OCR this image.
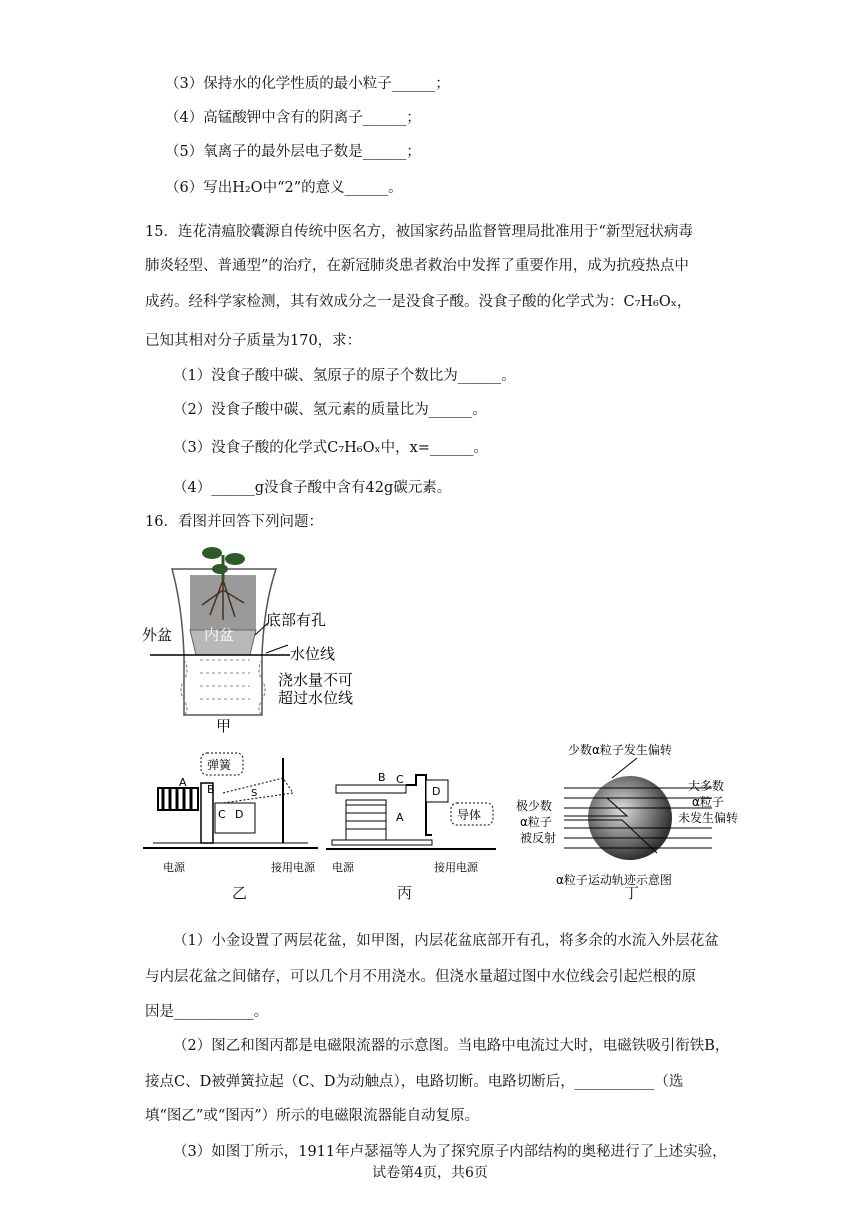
（3）保持水的化学性质的最小粒子______；
（4）高锰酸钾中含有的阴离子______；
（5）氧离子的最外层电子数是______；
（6）写出H₂O中“2”的意义______。
15．连花清瘟胶囊源自传统中医名方，被国家药品监督管理局批准用于“新型冠状病毒
肺炎轻型、普通型”的治疗，在新冠肺炎患者救治中发挥了重要作用，成为抗疫热点中
成药。经科学家检测，其有效成分之一是没食子酸。没食子酸的化学式为：C₇H₆Oₓ，
已知其相对分子质量为170，求：
（1）没食子酸中碳、氢原子的原子个数比为______。
（2）没食子酸中碳、氢元素的质量比为______。
（3）没食子酸的化学式C₇H₆Oₓ中，x=______。
（4）______g没食子酸中含有42g碳元素。
16．看图并回答下列问题：
外盆 内盆
底部有孔
水位线
浇水量不可
超过水位线
甲
弹簧
A
B
C D
S
电源	接用电源
乙
B C
D
A	导体
电源	接用电源
丙
少数α粒子发生偏转
大多数
α粒子
未发生偏转
极少数
α粒子
被反射
α粒子运动轨迹示意图
丁
（1）小金设置了两层花盆，如甲图，内层花盆底部开有孔，将多余的水流入外层花盆
与内层花盆之间储存，可以几个月不用浇水。但浇水量超过图中水位线会引起烂根的原
因是___________。
（2）图乙和图丙都是电磁限流器的示意图。当电路中电流过大时，电磁铁吸引衔铁B，
接点C、D被弹簧拉起（C、D为动触点），电路切断。电路切断后，___________（选
填“图乙”或“图丙”）所示的电磁限流器能自动复原。
（3）如图丁所示，1911年卢瑟福等人为了探究原子内部结构的奥秘进行了上述实验，
试卷第4页，共6页
